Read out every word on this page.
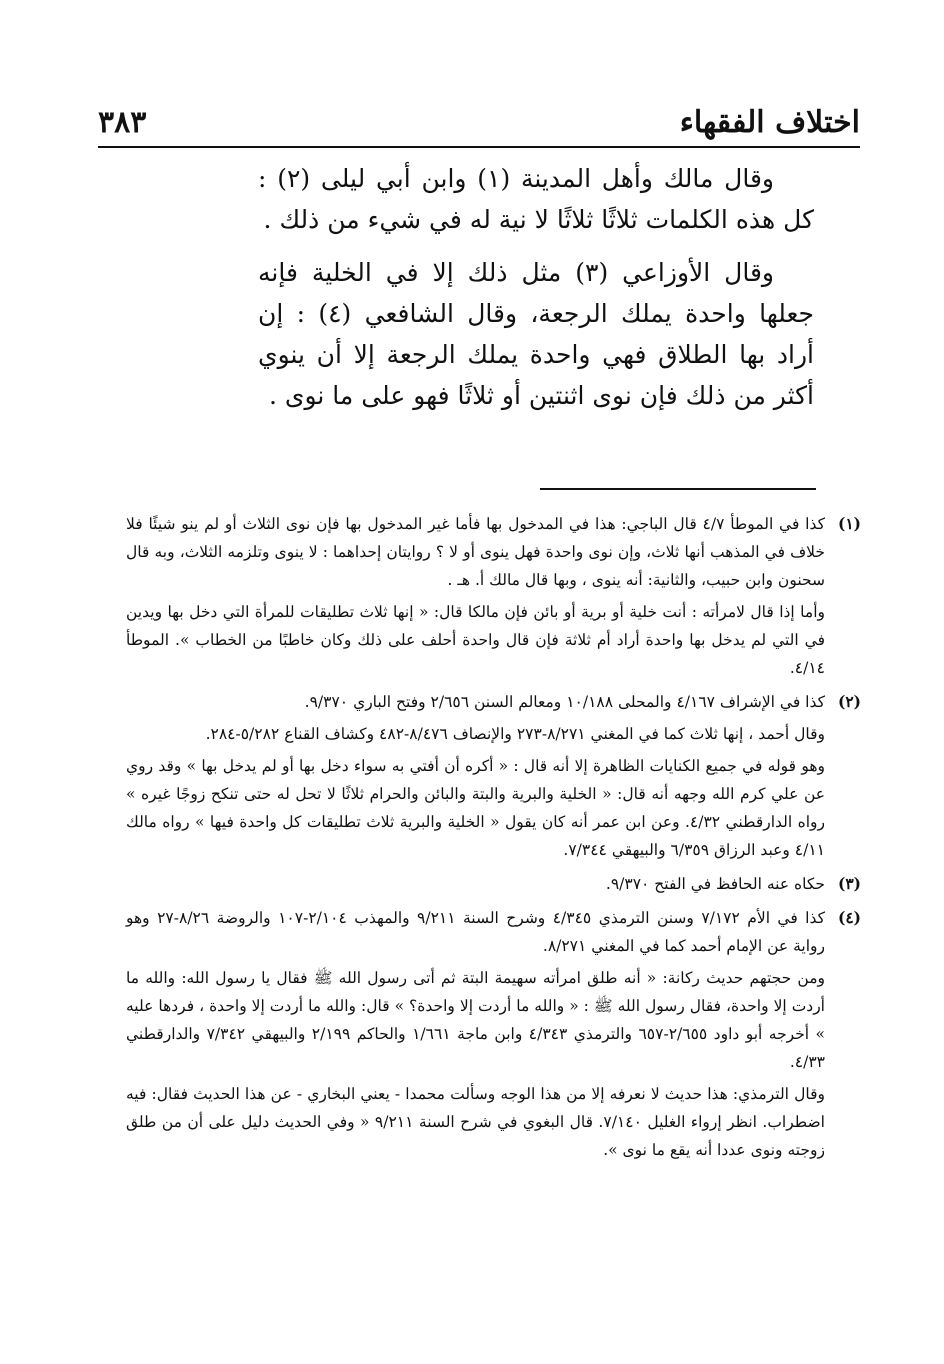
اختلاف الفقهاء
٣٨٣

وقال مالك وأهل المدينة (١) وابن أبي ليلى (٢) : كل هذه الكلمات ثلاثًا ثلاثًا لا نية له في شيء من ذلك .

وقال الأوزاعي (٣) مثل ذلك إلا في الخلية فإنه جعلها واحدة يملك الرجعة، وقال الشافعي (٤) : إن أراد بها الطلاق فهي واحدة يملك الرجعة إلا أن ينوي أكثر من ذلك فإن نوى اثنتين أو ثلاثًا فهو على ما نوى .

(١)

كذا في الموطأ ٤/٧ قال الباجي: هذا في المدخول بها فأما غير المدخول بها فإن نوى الثلاث أو لم ينو شيئًا فلا خلاف في المذهب أنها ثلاث، وإن نوى واحدة فهل ينوى أو لا ؟ روايتان إحداهما : لا ينوى وتلزمه الثلاث، وبه قال سحنون وابن حبيب، والثانية: أنه ينوى ، وبها قال مالك أ. هـ .

وأما إذا قال لامرأته : أنت خلية أو برية أو بائن فإن مالكا قال: « إنها ثلاث تطليقات للمرأة التي دخل بها ويدين في التي لم يدخل بها واحدة أراد أم ثلاثة فإن قال واحدة أحلف على ذلك وكان خاطبًا من الخطاب ». الموطأ ٤/١٤.

(٢)

كذا في الإشراف ٤/١٦٧ والمحلى ١٠/١٨٨ ومعالم السنن ٢/٦٥٦ وفتح الباري ٩/٣٧٠.

وقال أحمد ، إنها ثلاث كما في المغني ٨/٢٧١-٢٧٣ والإنصاف ٨/٤٧٦-٤٨٢ وكشاف القناع ٥/٢٨٢-٢٨٤.

وهو قوله في جميع الكنايات الظاهرة إلا أنه قال : « أكره أن أفتي به سواء دخل بها أو لم يدخل بها » وقد روي عن علي كرم الله وجهه أنه قال: « الخلية والبرية والبتة والبائن والحرام ثلاثًا لا تحل له حتى تنكح زوجًا غيره » رواه الدارقطني ٤/٣٢. وعن ابن عمر أنه كان يقول « الخلية والبرية ثلاث تطليقات كل واحدة فيها » رواه مالك ٤/١١ وعبد الرزاق ٦/٣٥٩ والبيهقي ٧/٣٤٤.

(٣)

حكاه عنه الحافظ في الفتح ٩/٣٧٠.

(٤)

كذا في الأم ٧/١٧٢ وسنن الترمذي ٤/٣٤٥ وشرح السنة ٩/٢١١ والمهذب ٢/١٠٤-١٠٧ والروضة ٨/٢٦-٢٧ وهو رواية عن الإمام أحمد كما في المغني ٨/٢٧١.

ومن حجتهم حديث ركانة: « أنه طلق امرأته سهيمة البتة ثم أتى رسول الله ﷺ فقال يا رسول الله: والله ما أردت إلا واحدة، فقال رسول الله ﷺ : « والله ما أردت إلا واحدة؟ » قال: والله ما أردت إلا واحدة ، فردها عليه » أخرجه أبو داود ٢/٦٥٥-٦٥٧ والترمذي ٤/٣٤٣ وابن ماجة ١/٦٦١ والحاكم ٢/١٩٩ والبيهقي ٧/٣٤٢ والدارقطني ٤/٣٣.

وقال الترمذي: هذا حديث لا نعرفه إلا من هذا الوجه وسألت محمدا - يعني البخاري - عن هذا الحديث فقال: فيه اضطراب. انظر إرواء الغليل ٧/١٤٠. قال البغوي في شرح السنة ٩/٢١١ « وفي الحديث دليل على أن من طلق زوجته ونوى عددا أنه يقع ما نوى ».
